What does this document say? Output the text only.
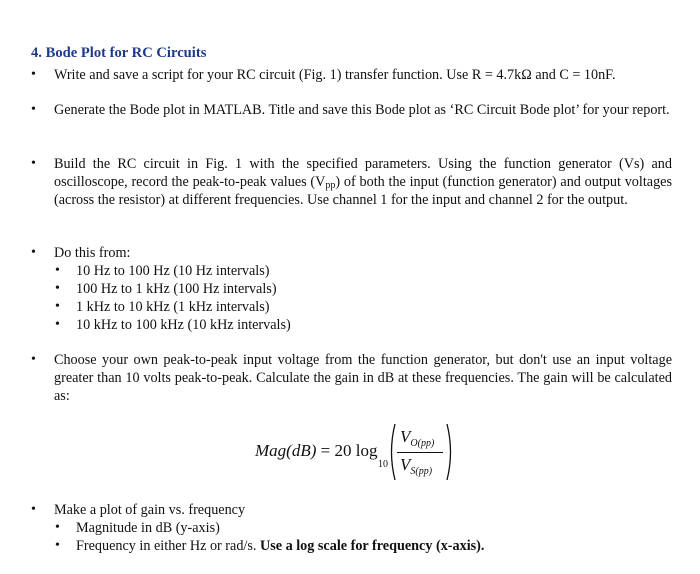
4. Bode Plot for RC Circuits
•	Write and save a script for your RC circuit (Fig. 1) transfer function. Use R = 4.7kΩ and C = 10nF.
•	Generate the Bode plot in MATLAB. Title and save this Bode plot as ‘RC Circuit Bode plot’ for your report.
•	Build the RC circuit in Fig. 1 with the specified parameters. Using the function generator (Vs) and oscilloscope, record the peak-to-peak values $(V_{pp})$ of both the input (function generator) and output voltages (across the resistor) at different frequencies. Use channel 1 for the input and channel 2 for the output.
•	Do this from:
•	10 Hz to 100 Hz (10 Hz intervals)
•	100 Hz to 1 kHz (100 Hz intervals)
•	1 kHz to 10 kHz (1 kHz intervals)
•	10 kHz to 100 kHz (10 kHz intervals)
•	Choose your own peak-to-peak input voltage from the function generator, but don't use an input voltage greater than 10 volts peak-to-peak. Calculate the gain in dB at these frequencies. The gain will be calculated as:
Mag(dB) = 20 log
10
$V_{O(pp)}$
$V_{S(pp)}$
•	Make a plot of gain vs. frequency
•	Magnitude in dB (y-axis)
•	Frequency in either Hz or rad/s. Use a log scale for frequency (x-axis).
